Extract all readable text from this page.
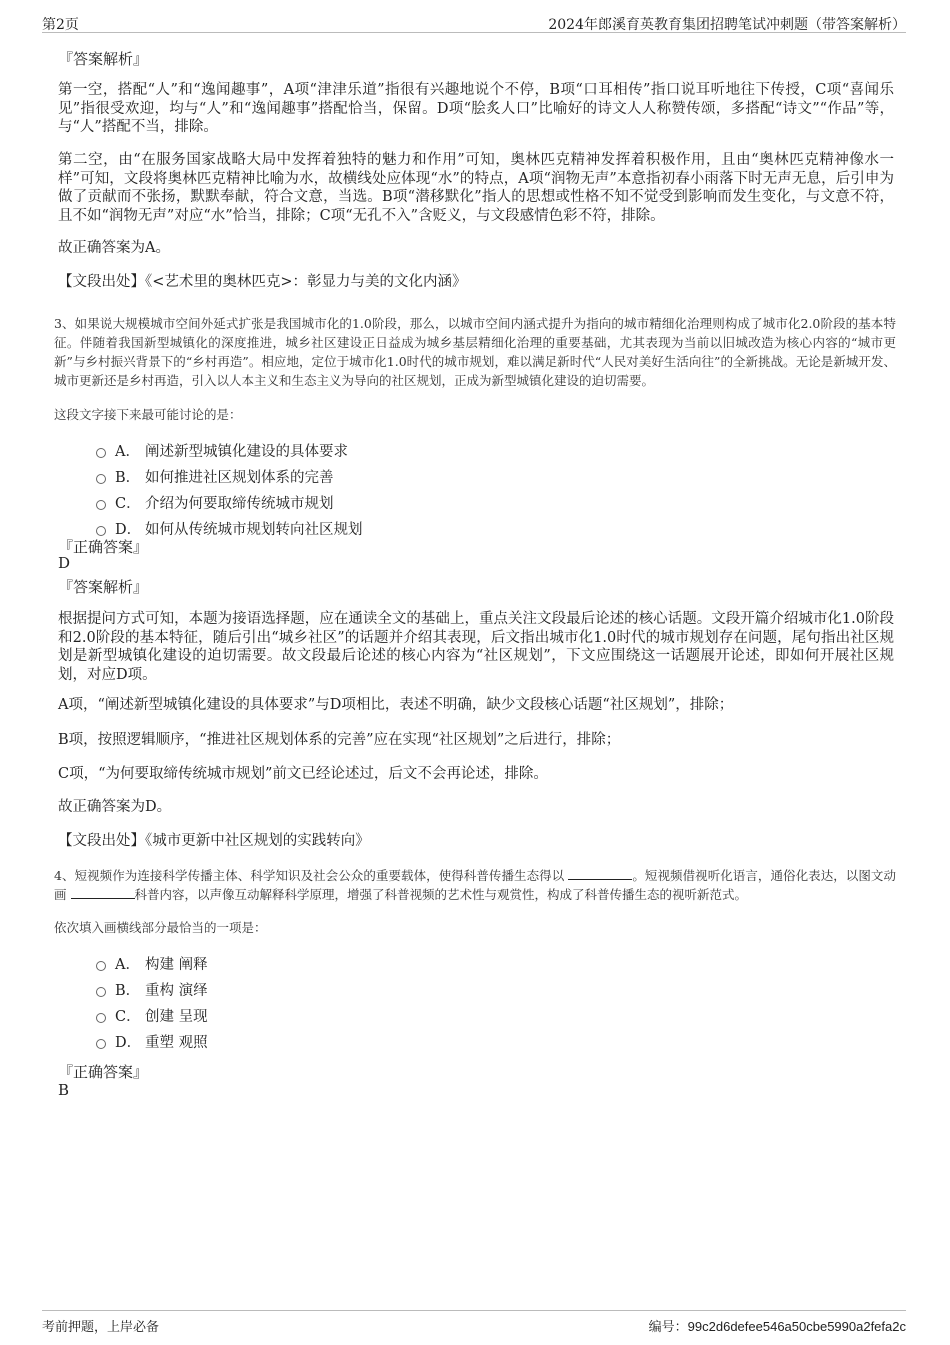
第2页	2024年郎溪育英教育集团招聘笔试冲刺题（带答案解析）
『答案解析』
第一空，搭配“人”和“逸闻趣事”，A项“津津乐道”指很有兴趣地说个不停，B项“口耳相传”指口说耳听地往下传授，C项“喜闻乐见”指很受欢迎，均与“人”和“逸闻趣事”搭配恰当，保留。D项“脍炙人口”比喻好的诗文人人称赞传颂，多搭配“诗文”“作品”等，与“人”搭配不当，排除。
第二空，由“在服务国家战略大局中发挥着独特的魅力和作用”可知，奥林匹克精神发挥着积极作用，且由“奥林匹克精神像水一样”可知，文段将奥林匹克精神比喻为水，故横线处应体现“水”的特点，A项“润物无声”本意指初春小雨落下时无声无息，后引申为做了贡献而不张扬，默默奉献，符合文意，当选。B项“潜移默化”指人的思想或性格不知不觉受到影响而发生变化，与文意不符，且不如“润物无声”对应“水”恰当，排除；C项“无孔不入”含贬义，与文段感情色彩不符，排除。
故正确答案为A。
【文段出处】《<艺术里的奥林匹克>：彰显力与美的文化内涵》
3、如果说大规模城市空间外延式扩张是我国城市化的1.0阶段，那么，以城市空间内涵式提升为指向的城市精细化治理则构成了城市化2.0阶段的基本特征。伴随着我国新型城镇化的深度推进，城乡社区建设正日益成为城乡基层精细化治理的重要基础，尤其表现为当前以旧城改造为核心内容的“城市更新”与乡村振兴背景下的“乡村再造”。相应地，定位于城市化1.0时代的城市规划，难以满足新时代“人民对美好生活向往”的全新挑战。无论是新城开发、城市更新还是乡村再造，引入以人本主义和生态主义为导向的社区规划，正成为新型城镇化建设的迫切需要。
这段文字接下来最可能讨论的是：
A． 阐述新型城镇化建设的具体要求
B． 如何推进社区规划体系的完善
C． 介绍为何要取缔传统城市规划
D． 如何从传统城市规划转向社区规划
『正确答案』
D
『答案解析』
根据提问方式可知，本题为接语选择题，应在通读全文的基础上，重点关注文段最后论述的核心话题。文段开篇介绍城市化1.0阶段和2.0阶段的基本特征，随后引出“城乡社区”的话题并介绍其表现，后文指出城市化1.0时代的城市规划存在问题，尾句指出社区规划是新型城镇化建设的迫切需要。故文段最后论述的核心内容为“社区规划”，下文应围绕这一话题展开论述，即如何开展社区规划，对应D项。
A项，“阐述新型城镇化建设的具体要求”与D项相比，表述不明确，缺少文段核心话题“社区规划”，排除；
B项，按照逻辑顺序，“推进社区规划体系的完善”应在实现“社区规划”之后进行，排除；
C项，“为何要取缔传统城市规划”前文已经论述过，后文不会再论述，排除。
故正确答案为D。
【文段出处】《城市更新中社区规划的实践转向》
4、短视频作为连接科学传播主体、科学知识及社会公众的重要载体，使得科普传播生态得以	。短视频借视听化语言，通俗化表达，以图文动画	科普内容，以声像互动解释科学原理，增强了科普视频的艺术性与观赏性，构成了科普传播生态的视听新范式。
依次填入画横线部分最恰当的一项是：
A． 构建 阐释
B． 重构 演绎
C． 创建 呈现
D． 重塑 观照
『正确答案』
B
考前押题，上岸必备	编号：99c2d6defee546a50cbe5990a2fefa2c
